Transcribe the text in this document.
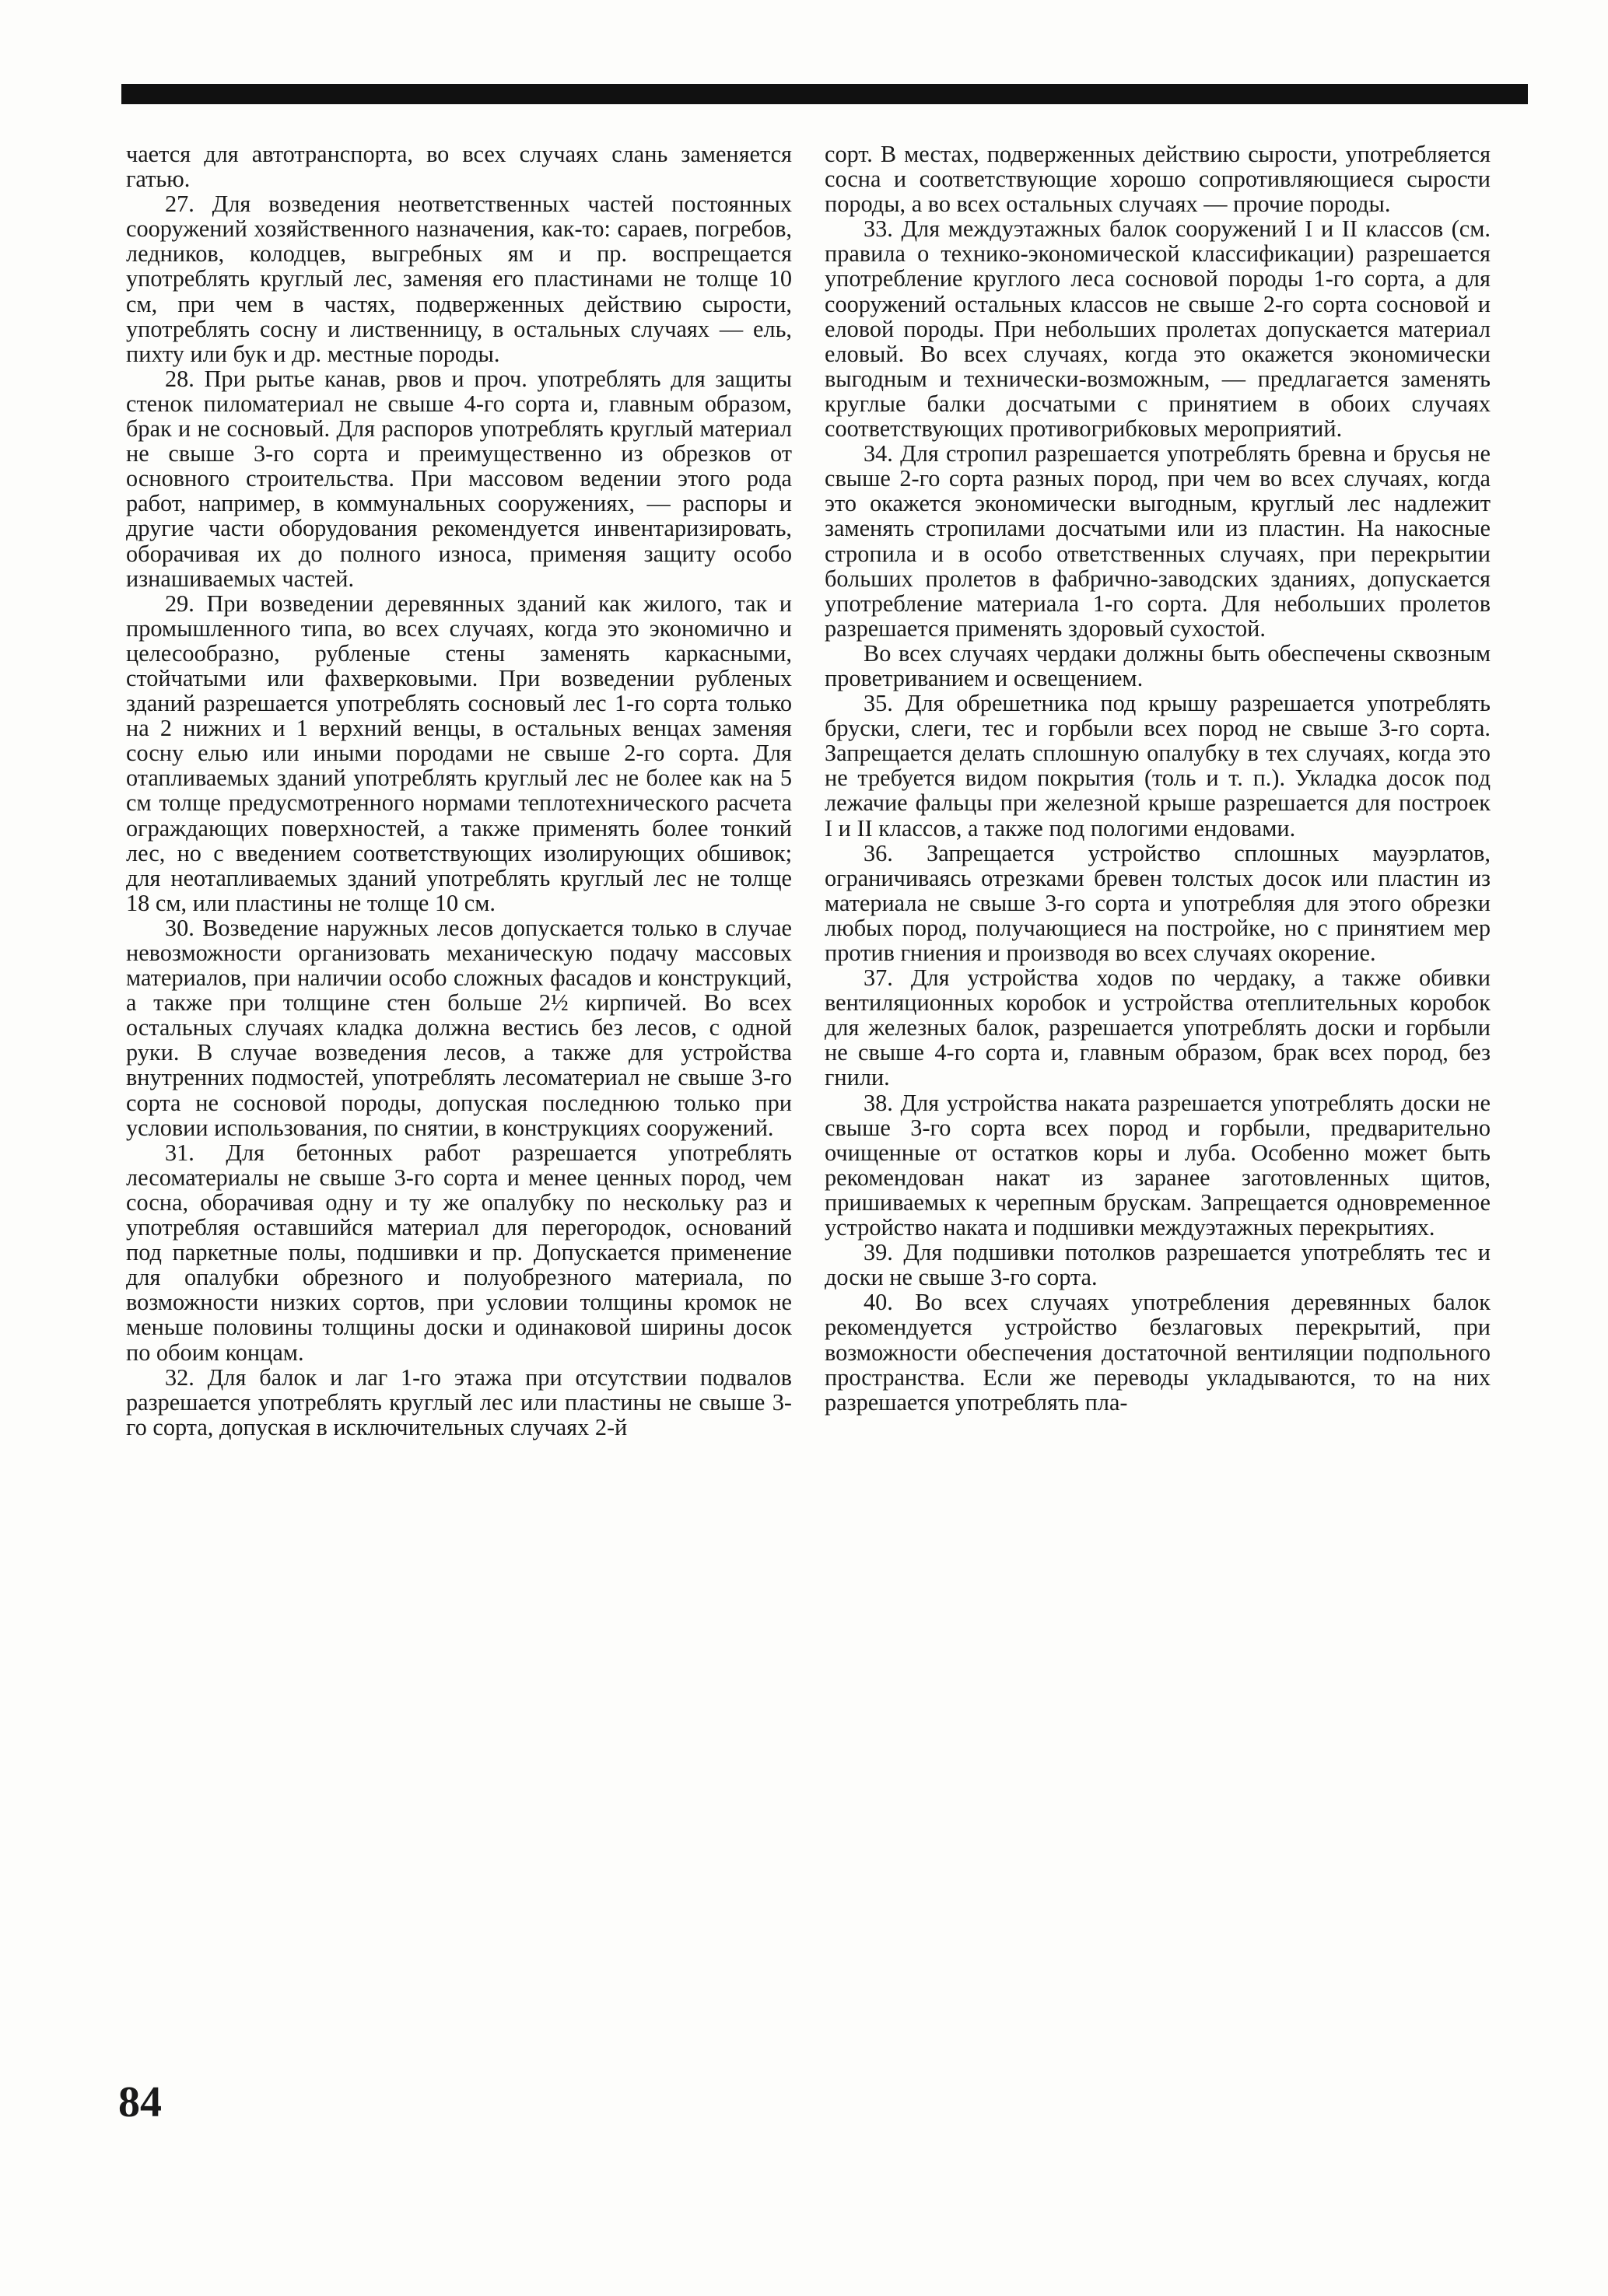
чается для автотранспорта, во всех случаях слань заменяется гатью.

27. Для возведения неответственных частей постоянных сооружений хозяйственного назначения, как-то: сараев, погребов, ледников, колодцев, выгребных ям и пр. воспрещается употреблять круглый лес, заменяя его пластинами не толще 10 см, при чем в частях, подверженных действию сырости, употреблять сосну и лиственницу, в остальных случаях — ель, пихту или бук и др. местные породы.

28. При рытье канав, рвов и проч. употреблять для защиты стенок пиломатериал не свыше 4-го сорта и, главным образом, брак и не сосновый. Для распоров употреблять круглый материал не свыше 3-го сорта и преимущественно из обрезков от основного строительства. При массовом ведении этого рода работ, например, в коммунальных сооружениях, — распоры и другие части оборудования рекомендуется инвентаризировать, оборачивая их до полного износа, применяя защиту особо изнашиваемых частей.

29. При возведении деревянных зданий как жилого, так и промышленного типа, во всех случаях, когда это экономично и целесообразно, рубленые стены заменять каркасными, стойчатыми или фахверковыми. При возведении рубленых зданий разрешается употреблять сосновый лес 1-го сорта только на 2 нижних и 1 верхний венцы, в остальных венцах заменяя сосну елью или иными породами не свыше 2-го сорта. Для отапливаемых зданий употреблять круглый лес не более как на 5 см толще предусмотренного нормами теплотехнического расчета ограждающих поверхностей, а также применять более тонкий лес, но с введением соответствующих изолирующих обшивок; для неотапливаемых зданий употреблять круглый лес не толще 18 см, или пластины не толще 10 см.

30. Возведение наружных лесов допускается только в случае невозможности организовать механическую подачу массовых материалов, при наличии особо сложных фасадов и конструкций, а также при толщине стен больше 2½ кирпичей. Во всех остальных случаях кладка должна вестись без лесов, с одной руки. В случае возведения лесов, а также для устройства внутренних подмостей, употреблять лесоматериал не свыше 3-го сорта не сосновой породы, допуская последнюю только при условии использования, по снятии, в конструкциях сооружений.

31. Для бетонных работ разрешается употреблять лесоматериалы не свыше 3-го сорта и менее ценных пород, чем сосна, оборачивая одну и ту же опалубку по нескольку раз и употребляя оставшийся материал для перегородок, оснований под паркетные полы, подшивки и пр. Допускается применение для опалубки обрезного и полуобрезного материала, по возможности низких сортов, при условии толщины кромок не меньше половины толщины доски и одинаковой ширины досок по обоим концам.

32. Для балок и лаг 1-го этажа при отсутствии подвалов разрешается употреблять круглый лес или пластины не свыше 3-го сорта, допуская в исключительных случаях 2-й

сорт. В местах, подверженных действию сырости, употребляется сосна и соответствующие хорошо сопротивляющиеся сырости породы, а во всех остальных случаях — прочие породы.

33. Для междуэтажных балок сооружений I и II классов (см. правила о технико-экономической классификации) разрешается употребление круглого леса сосновой породы 1-го сорта, а для сооружений остальных классов не свыше 2-го сорта сосновой и еловой породы. При небольших пролетах допускается материал еловый. Во всех случаях, когда это окажется экономически выгодным и технически-возможным, — предлагается заменять круглые балки досчатыми с принятием в обоих случаях соответствующих противогрибковых мероприятий.

34. Для стропил разрешается употреблять бревна и брусья не свыше 2-го сорта разных пород, при чем во всех случаях, когда это окажется экономически выгодным, круглый лес надлежит заменять стропилами досчатыми или из пластин. На накосные стропила и в особо ответственных случаях, при перекрытии больших пролетов в фабрично-заводских зданиях, допускается употребление материала 1-го сорта. Для небольших пролетов разрешается применять здоровый сухостой.

Во всех случаях чердаки должны быть обеспечены сквозным проветриванием и освещением.

35. Для обрешетника под крышу разрешается употреблять бруски, слеги, тес и горбыли всех пород не свыше 3-го сорта. Запрещается делать сплошную опалубку в тех случаях, когда это не требуется видом покрытия (толь и т. п.). Укладка досок под лежачие фальцы при железной крыше разрешается для построек I и II классов, а также под пологими ендовами.

36. Запрещается устройство сплошных мауэрлатов, ограничиваясь отрезками бревен толстых досок или пластин из материала не свыше 3-го сорта и употребляя для этого обрезки любых пород, получающиеся на постройке, но с принятием мер против гниения и производя во всех случаях окорение.

37. Для устройства ходов по чердаку, а также обивки вентиляционных коробок и устройства отеплительных коробок для железных балок, разрешается употреблять доски и горбыли не свыше 4-го сорта и, главным образом, брак всех пород, без гнили.

38. Для устройства наката разрешается употреблять доски не свыше 3-го сорта всех пород и горбыли, предварительно очищенные от остатков коры и луба. Особенно может быть рекомендован накат из заранее заготовленных щитов, пришиваемых к черепным брускам. Запрещается одновременное устройство наката и подшивки междуэтажных перекрытиях.

39. Для подшивки потолков разрешается употреблять тес и доски не свыше 3-го сорта.

40. Во всех случаях употребления деревянных балок рекомендуется устройство безлаговых перекрытий, при возможности обеспечения достаточной вентиляции подпольного пространства. Если же переводы укладываются, то на них разрешается употреблять пла-

84
